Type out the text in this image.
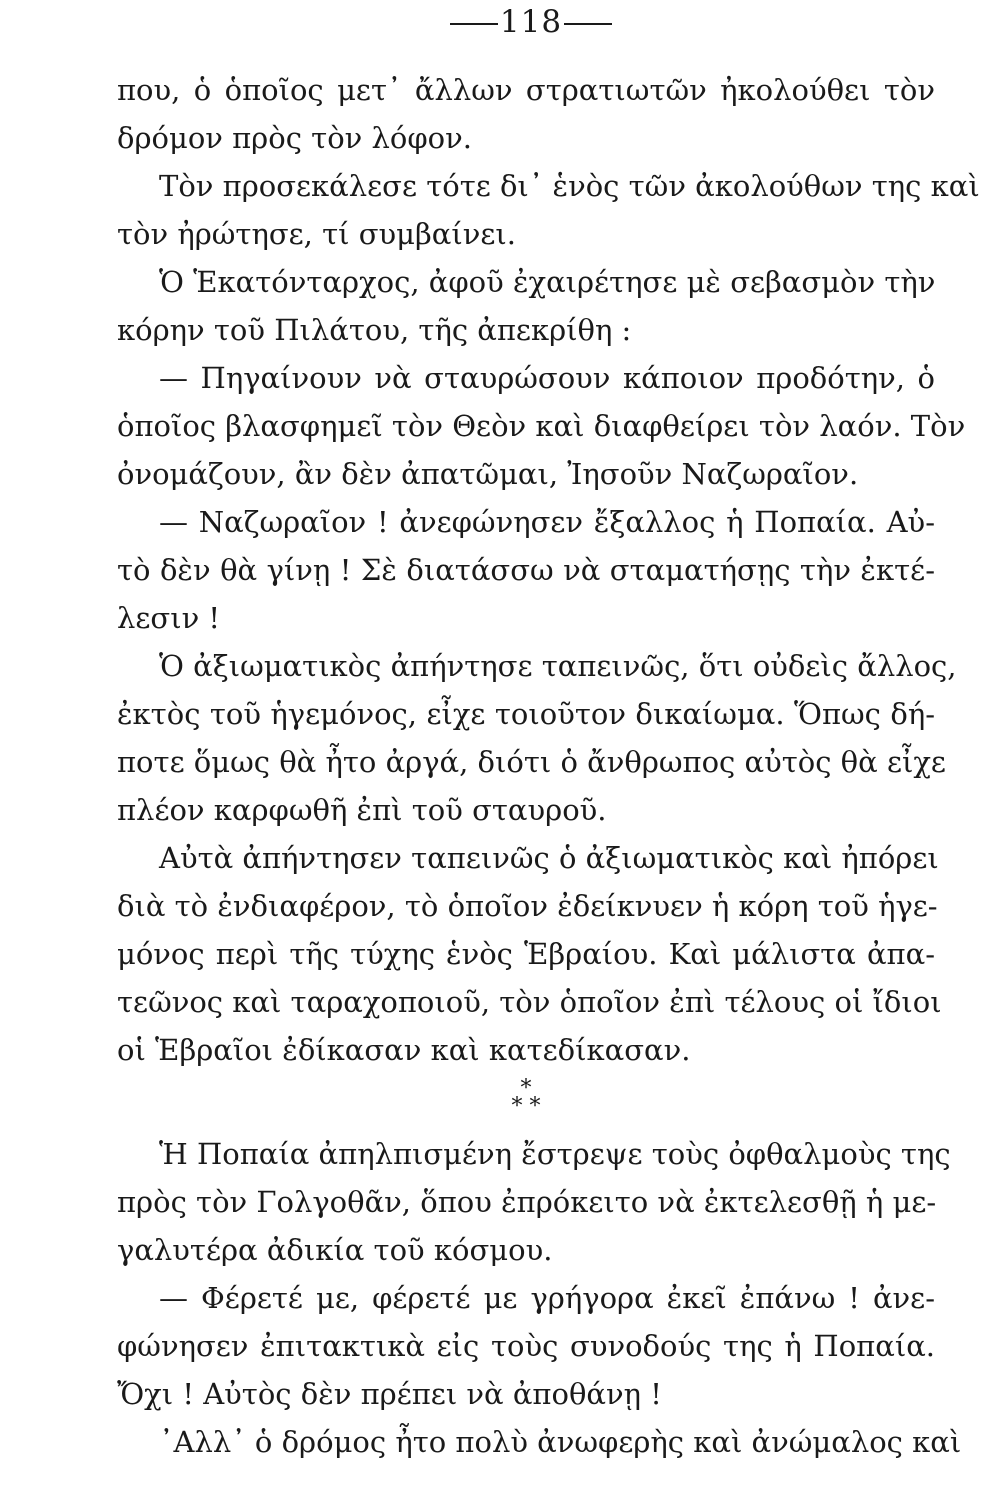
118
που, ὁ ὁποῖος μετ᾽ ἄλλων στρατιωτῶν ἠκολούθει τὸν
δρόμον πρὸς τὸν λόφον.
Τὸν προσεκάλεσε τότε δι᾽ ἑνὸς τῶν ἀκολούθων της καὶ
τὸν ἠρώτησε, τί συμβαίνει.
Ὁ Ἑκατόνταρχος, ἀφοῦ ἐχαιρέτησε μὲ σεβασμὸν τὴν
κόρην τοῦ Πιλάτου, τῆς ἀπεκρίθη :
— Πηγαίνουν νὰ σταυρώσουν κάποιον προδότην, ὁ
ὁποῖος βλασφημεῖ τὸν Θεὸν καὶ διαφθείρει τὸν λαόν. Τὸν
ὀνομάζουν, ἂν δὲν ἀπατῶμαι, Ἰησοῦν Ναζωραῖον.
— Ναζωραῖον ! ἀνεφώνησεν ἔξαλλος ἡ Ποπαία. Αὐ-
τὸ δὲν θὰ γίνῃ ! Σὲ διατάσσω νὰ σταματήσῃς τὴν ἐκτέ-
λεσιν !
Ὁ ἀξιωματικὸς ἀπήντησε ταπεινῶς, ὅτι οὐδεὶς ἄλλος,
ἐκτὸς τοῦ ἡγεμόνος, εἶχε τοιοῦτον δικαίωμα. Ὅπως δή-
ποτε ὅμως θὰ ἦτο ἀργά, διότι ὁ ἄνθρωπος αὐτὸς θὰ εἶχε
πλέον καρφωθῆ ἐπὶ τοῦ σταυροῦ.
Αὐτὰ ἀπήντησεν ταπεινῶς ὁ ἀξιωματικὸς καὶ ἠπόρει
διὰ τὸ ἐνδιαφέρον, τὸ ὁποῖον ἐδείκνυεν ἡ κόρη τοῦ ἡγε-
μόνος περὶ τῆς τύχης ἑνὸς Ἑβραίου. Καὶ μάλιστα ἀπα-
τεῶνος καὶ ταραχοποιοῦ, τὸν ὁποῖον ἐπὶ τέλους οἱ ἴδιοι
οἱ Ἑβραῖοι ἐδίκασαν καὶ κατεδίκασαν.
*
* *
Ἡ Ποπαία ἀπηλπισμένη ἔστρεψε τοὺς ὀφθαλμοὺς της
πρὸς τὸν Γολγοθᾶν, ὅπου ἐπρόκειτο νὰ ἐκτελεσθῇ ἡ με-
γαλυτέρα ἀδικία τοῦ κόσμου.
— Φέρετέ με, φέρετέ με γρήγορα ἐκεῖ ἐπάνω ! ἀνε-
φώνησεν ἐπιτακτικὰ εἰς τοὺς συνοδούς της ἡ Ποπαία.
Ὄχι ! Αὐτὸς δὲν πρέπει νὰ ἀποθάνῃ !
᾽Αλλ᾽ ὁ δρόμος ἦτο πολὺ ἀνωφερὴς καὶ ἀνώμαλος καὶ
